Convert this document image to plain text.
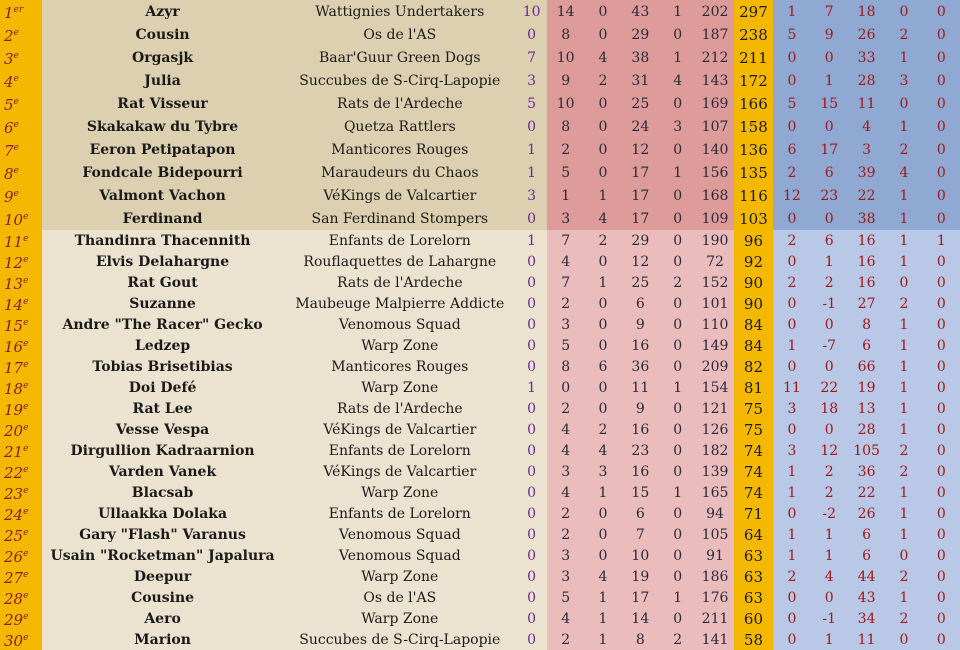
1er	Azyr	Wattignies Undertakers	10	14	0	43	1	202	297	1	7	18	0	0
2e	Cousin	Os de l'AS	0	8	0	29	0	187	238	5	9	26	2	0
3e	Orgasjk	Baar'Guur Green Dogs	7	10	4	38	1	212	211	0	0	33	1	0
4e	Julia	Succubes de S-Cirq-Lapopie	3	9	2	31	4	143	172	0	1	28	3	0
5e	Rat Visseur	Rats de l'Ardeche	5	10	0	25	0	169	166	5	15	11	0	0
6e	Skakakaw du Tybre	Quetza Rattlers	0	8	0	24	3	107	158	0	0	4	1	0
7e	Eeron Petipatapon	Manticores Rouges	1	2	0	12	0	140	136	6	17	3	2	0
8e	Fondcale Bidepourri	Maraudeurs du Chaos	1	5	0	17	1	156	135	2	6	39	4	0
9e	Valmont Vachon	VéKings de Valcartier	3	1	1	17	0	168	116	12	23	22	1	0
10e	Ferdinand	San Ferdinand Stompers	0	3	4	17	0	109	103	0	0	38	1	0
11e	Thandinra Thacennith	Enfants de Lorelorn	1	7	2	29	0	190	96	2	6	16	1	1
12e	Elvis Delahargne	Rouflaquettes de Lahargne	0	4	0	12	0	72	92	0	1	16	1	0
13e	Rat Gout	Rats de l'Ardeche	0	7	1	25	2	152	90	2	2	16	0	0
14e	Suzanne	Maubeuge Malpierre Addicte	0	2	0	6	0	101	90	0	-1	27	2	0
15e	Andre "The Racer" Gecko	Venomous Squad	0	3	0	9	0	110	84	0	0	8	1	0
16e	Ledzep	Warp Zone	0	5	0	16	0	149	84	1	-7	6	1	0
17e	Tobias Brisetibias	Manticores Rouges	0	8	6	36	0	209	82	0	0	66	1	0
18e	Doi Defé	Warp Zone	1	0	0	11	1	154	81	11	22	19	1	0
19e	Rat Lee	Rats de l'Ardeche	0	2	0	9	0	121	75	3	18	13	1	0
20e	Vesse Vespa	VéKings de Valcartier	0	4	2	16	0	126	75	0	0	28	1	0
21e	Dirgullion Kadraarnion	Enfants de Lorelorn	0	4	4	23	0	182	74	3	12	105	2	0
22e	Varden Vanek	VéKings de Valcartier	0	3	3	16	0	139	74	1	2	36	2	0
23e	Blacsab	Warp Zone	0	4	1	15	1	165	74	1	2	22	1	0
24e	Ullaakka Dolaka	Enfants de Lorelorn	0	2	0	6	0	94	71	0	-2	26	1	0
25e	Gary "Flash" Varanus	Venomous Squad	0	2	0	7	0	105	64	1	1	6	1	0
26e	Usain "Rocketman" Japalura	Venomous Squad	0	3	0	10	0	91	63	1	1	6	0	0
27e	Deepur	Warp Zone	0	3	4	19	0	186	63	2	4	44	2	0
28e	Cousine	Os de l'AS	0	5	1	17	1	176	63	0	0	43	1	0
29e	Aero	Warp Zone	0	4	1	14	0	211	60	0	-1	34	2	0
30e	Marion	Succubes de S-Cirq-Lapopie	0	2	1	8	2	141	58	0	1	11	0	0
